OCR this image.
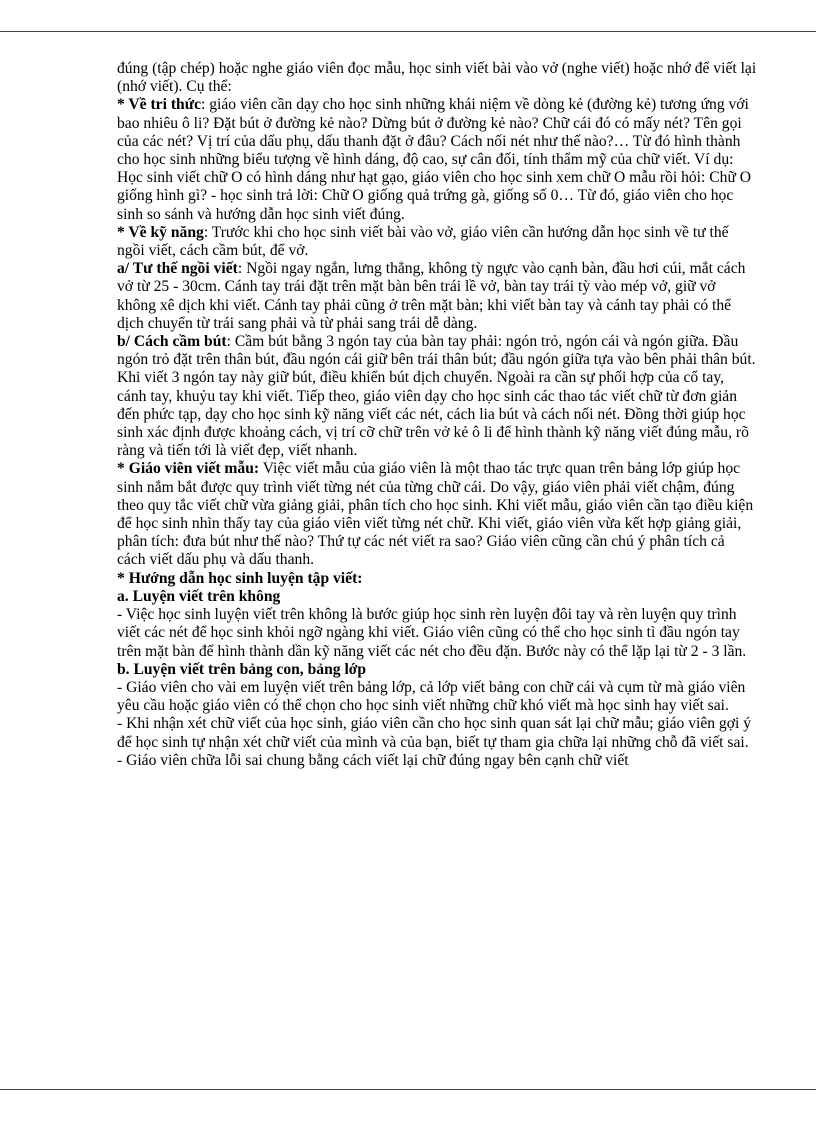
đúng (tập chép) hoặc nghe giáo viên đọc mẫu, học sinh viết bài vào vở (nghe viết) hoặc nhớ để viết lại (nhớ viết). Cụ thể:

* Về tri thức: giáo viên cần dạy cho học sinh những khái niệm về dòng kẻ (đường kẻ) tương ứng với bao nhiêu ô li? Đặt bút ở đường kẻ nào? Dừng bút ở đường kẻ nào? Chữ cái đó có mấy nét? Tên gọi của các nét? Vị trí của dấu phụ, dấu thanh đặt ở đâu? Cách nối nét như thế nào?… Từ đó hình thành cho học sinh những biểu tượng về hình dáng, độ cao, sự cân đối, tính thẩm mỹ của chữ viết. Ví dụ: Học sinh viết chữ O có hình dáng như hạt gạo, giáo viên cho học sinh xem chữ O mẫu rồi hỏi: Chữ O giống hình gì? - học sinh trả lời: Chữ O giống quả trứng gà, giống số 0… Từ đó, giáo viên cho học sinh so sánh và hướng dẫn học sinh viết đúng.

* Về kỹ năng: Trước khi cho học sinh viết bài vào vở, giáo viên cần hướng dẫn học sinh về tư thế ngồi viết, cách cầm bút, để vở.

a/ Tư thế ngồi viết: Ngồi ngay ngắn, lưng thẳng, không tỳ ngực vào cạnh bàn, đầu hơi cúi, mắt cách vở từ 25 - 30cm. Cánh tay trái đặt trên mặt bàn bên trái lề vở, bàn tay trái tỳ vào mép vở, giữ vở không xê dịch khi viết. Cánh tay phải cũng ở trên mặt bàn; khi viết bàn tay và cánh tay phải có thể dịch chuyển từ trái sang phải và từ phải sang trái dễ dàng.

b/ Cách cầm bút: Cầm bút bằng 3 ngón tay của bàn tay phải: ngón trỏ, ngón cái và ngón giữa. Đầu ngón trỏ đặt trên thân bút, đầu ngón cái giữ bên trái thân bút; đầu ngón giữa tựa vào bên phải thân bút. Khi viết 3 ngón tay này giữ bút, điều khiển bút dịch chuyển. Ngoài ra cần sự phối hợp của cổ tay, cánh tay, khuỷu tay khi viết. Tiếp theo, giáo viên dạy cho học sinh các thao tác viết chữ từ đơn giản đến phức tạp, dạy cho học sinh kỹ năng viết các nét, cách lia bút và cách nối nét. Đồng thời giúp học sinh xác định được khoảng cách, vị trí cỡ chữ trên vở kẻ ô li để hình thành kỹ năng viết đúng mẫu, rõ ràng và tiến tới là viết đẹp, viết nhanh.

* Giáo viên viết mẫu: Việc viết mẫu của giáo viên là một thao tác trực quan trên bảng lớp giúp học sinh nắm bắt được quy trình viết từng nét của từng chữ cái. Do vậy, giáo viên phải viết chậm, đúng theo quy tắc viết chữ vừa giảng giải, phân tích cho học sinh. Khi viết mẫu, giáo viên cần tạo điều kiện để học sinh nhìn thấy tay của giáo viên viết từng nét chữ. Khi viết, giáo viên vừa kết hợp giảng giải, phân tích: đưa bút như thế nào? Thứ tự các nét viết ra sao? Giáo viên cũng cần chú ý phân tích cả cách viết dấu phụ và dấu thanh.

* Hướng dẫn học sinh luyện tập viết:

a. Luyện viết trên không

- Việc học sinh luyện viết trên không là bước giúp học sinh rèn luyện đôi tay và rèn luyện quy trình viết các nét để học sinh khỏi ngỡ ngàng khi viết. Giáo viên cũng có thể cho học sinh tì đầu ngón tay trên mặt bàn để hình thành dần kỹ năng viết các nét cho đều đặn. Bước này có thể lặp lại từ 2 - 3 lần.

b. Luyện viết trên bảng con, bảng lớp

- Giáo viên cho vài em luyện viết trên bảng lớp, cả lớp viết bảng con chữ cái và cụm từ mà giáo viên yêu cầu hoặc giáo viên có thể chọn cho học sinh viết những chữ khó viết mà học sinh hay viết sai.

- Khi nhận xét chữ viết của học sinh, giáo viên cần cho học sinh quan sát lại chữ mẫu; giáo viên gợi ý để học sinh tự nhận xét chữ viết của mình và của bạn, biết tự tham gia chữa lại những chỗ đã viết sai.

- Giáo viên chữa lỗi sai chung bằng cách viết lại chữ đúng ngay bên cạnh chữ viết
